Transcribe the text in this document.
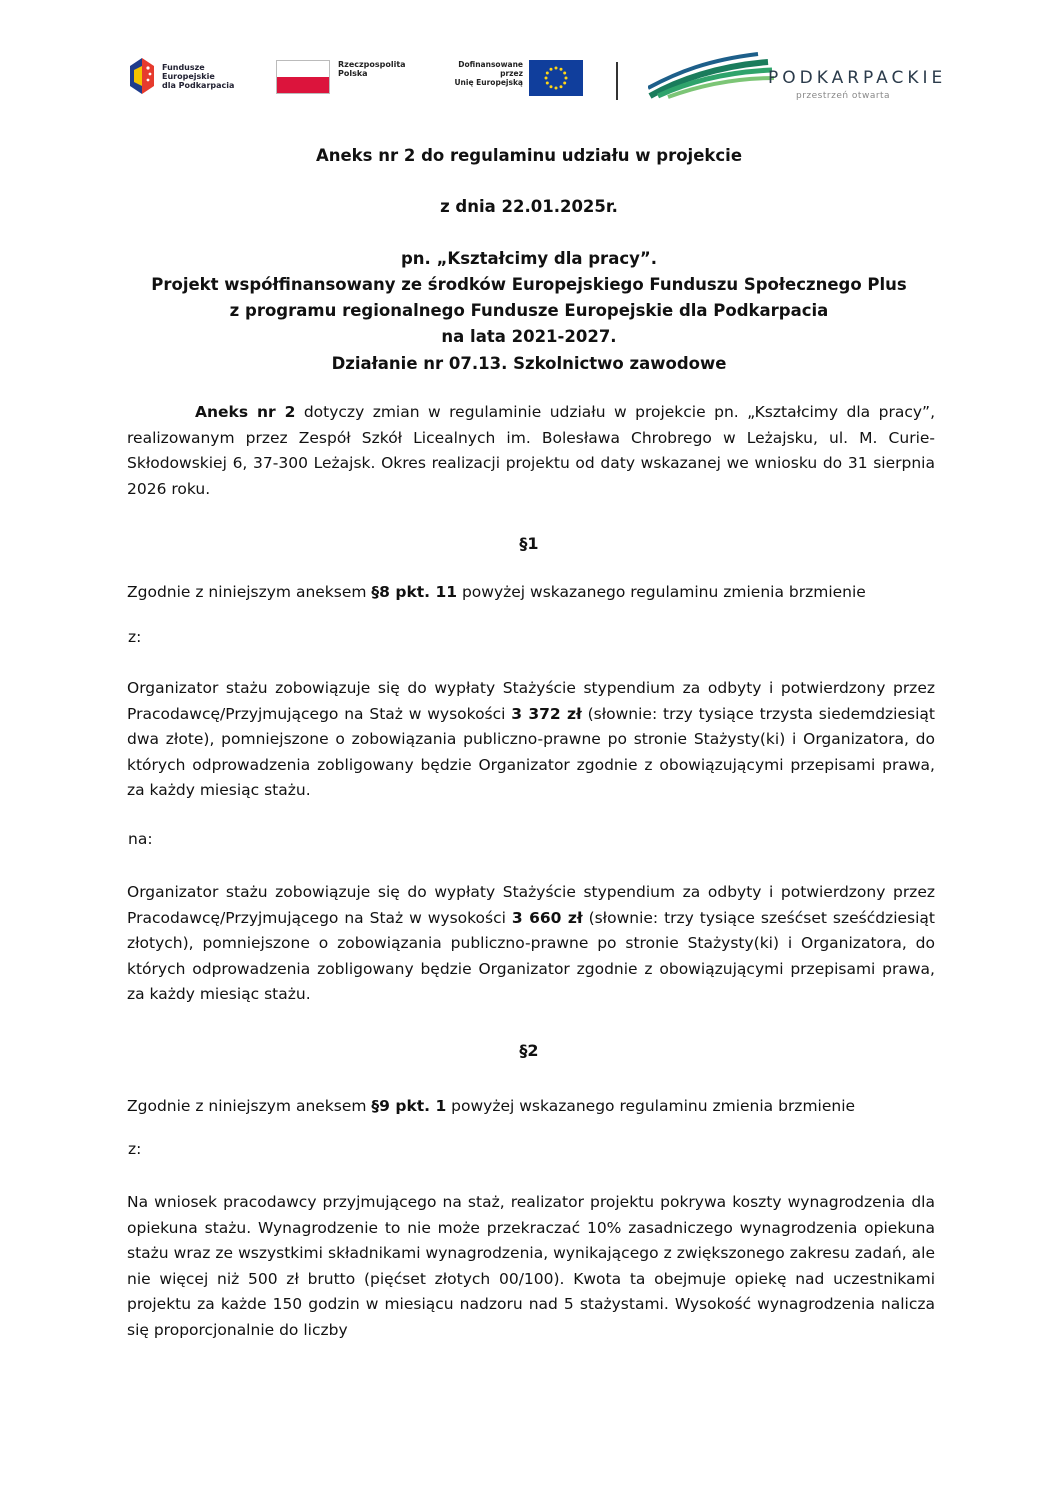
Fundusze Europejskie
dla Podkarpacia
Rzeczpospolita
Polska
Dofinansowane przez
Unię Europejską	PODKARPACKIE
przestrzeń otwarta
Aneks nr 2 do regulaminu udziału w projekcie
z dnia 22.01.2025r.
pn. „Kształcimy dla pracy”.
Projekt współfinansowany ze środków Europejskiego Funduszu Społecznego Plus
z programu regionalnego Fundusze Europejskie dla Podkarpacia
na lata 2021-2027.
Działanie nr 07.13. Szkolnictwo zawodowe
Aneks nr 2 dotyczy zmian w regulaminie udziału w projekcie pn. „Kształcimy dla pracy”, realizowanym przez Zespół Szkół Licealnych im. Bolesława Chrobrego w Leżajsku, ul. M. Curie-Skłodowskiej 6, 37-300 Leżajsk. Okres realizacji projektu od daty wskazanej we wniosku do 31 sierpnia 2026 roku.
§1
Zgodnie z niniejszym aneksem §8 pkt. 11 powyżej wskazanego regulaminu zmienia brzmienie
z:
Organizator stażu zobowiązuje się do wypłaty Stażyście stypendium za odbyty i potwierdzony przez Pracodawcę/Przyjmującego na Staż w wysokości 3 372 zł (słownie: trzy tysiące trzysta siedemdziesiąt dwa złote), pomniejszone o zobowiązania publiczno-prawne po stronie Stażysty(ki) i Organizatora, do których odprowadzenia zobligowany będzie Organizator zgodnie z obowiązującymi przepisami prawa, za każdy miesiąc stażu.
na:
Organizator stażu zobowiązuje się do wypłaty Stażyście stypendium za odbyty i potwierdzony przez Pracodawcę/Przyjmującego na Staż w wysokości 3 660 zł (słownie: trzy tysiące sześćset sześćdziesiąt złotych), pomniejszone o zobowiązania publiczno-prawne po stronie Stażysty(ki) i Organizatora, do których odprowadzenia zobligowany będzie Organizator zgodnie z obowiązującymi przepisami prawa, za każdy miesiąc stażu.
§2
Zgodnie z niniejszym aneksem §9 pkt. 1 powyżej wskazanego regulaminu zmienia brzmienie
z:
Na wniosek pracodawcy przyjmującego na staż, realizator projektu pokrywa koszty wynagrodzenia dla opiekuna stażu. Wynagrodzenie to nie może przekraczać 10% zasadniczego wynagrodzenia opiekuna stażu wraz ze wszystkimi składnikami wynagrodzenia, wynikającego z zwiększonego zakresu zadań, ale nie więcej niż 500 zł brutto (pięćset złotych 00/100). Kwota ta obejmuje opiekę nad uczestnikami projektu za każde 150 godzin w miesiącu nadzoru nad 5 stażystami. Wysokość wynagrodzenia nalicza się proporcjonalnie do liczby
